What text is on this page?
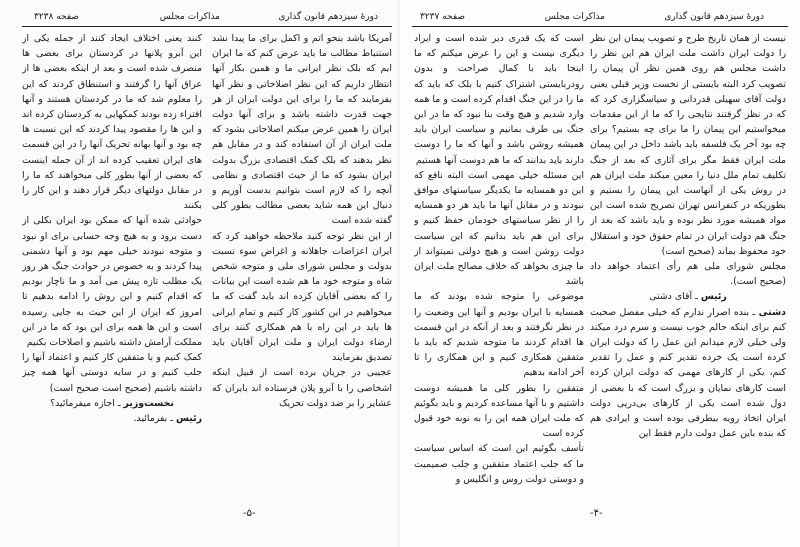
دورهٔ سیزدهم قانون گذاری
مذاکرات مجلس
صفحه ۳۲۳۸

آمریکا باشد بنحو اتم و اکمل برای ما پیدا نشد استنباط مطالب ما باید عرض کنم که ما ایران ایم که بلک نظر ایرانی ما و همین بکار آنها انتظار داریم که این نظر اصلاحاتی و نظر آنها بفرمایند که ما را برای این دولت ایران از هر جهت قدرت داشته باشد و برای آنها دولت ایران را همین عرض میکنم اصلاحاتی بشود که ملت ایران از آن استفاده کند و در مقابل هم نظر بدهند که بلک کمک اقتصادی بزرگ بدولت ایران بشود که ما از حیث اقتصادی و نظامی آنچه را که لازم است بتوانیم بدست آوریم و دنبال این همه شاید بعضی مطالب بطور کلی گفته شده است

از این نظر توجه کنید ملاحظه خواهید کرد که ایران اعزاضات جاهلانه و اغراض سوء نسبت بدولت و مجلس شورای ملی و متوجه شخص شاه و متوجه خود ما هم شده است این بیانات را که بعضی آقایان کرده اند باید گفت که ما میخواهیم در این کشور کار کنیم و تمام ایرانی ها باید در این راه با هم همکاری کنند برای ارضاء دولت ایران و ملت ایران آقایان باید تصدیق بفرمایند

عجیبی در جریان برده است از قبیل اینکه اشخاصی را با آبرو پلان فرستاده اند بایران که عشایر را بر ضد دولت تحریک

کنند یعنی اختلاف ایجاد کنند از جمله یکی از این آبرو پلانها در کردستان برای بعضی ها منصرف شده است و بعد از اینکه بعضی ها از عراق آنها را گرفتند و استنطاق کردند که این را معلوم شد که ما در کردستان هستند و آنها افتراء زده بودند کمکهایی به کردستان کرده اند و این ها را مقصود پیدا کردند که این نسبت ها چه بود و آنها بهانه تحریک آنها را در این قسمت های ایران تعقیب کرده اند از آن جمله اینست که بعضی از آنها بطور کلی میخواهند که ما را در مقابل دولتهای دیگر قرار دهند و این کار را بکنند

حوادثی شده آنها که ممکن بود ایران بکلی از دست برود و به هیچ وجه حسابی برای او نبود و متوجه نبودند خیلی مهم بود و آنها دشمنی پیدا کردند و به خصوص در حوادث جنگ هر روز یک مطلب تازه پیش می آمد و ما ناچار بودیم که اقدام کنیم و این روش را ادامه بدهیم تا امروز که ایران از این حیث به جایی رسیده است و این ها همه برای این بود که ما در این مملکت آرامش داشته باشیم و اصلاحات بکنیم

کمک کنیم و با متفقین کار کنیم و اعتماد آنها را جلب کنیم و در سایه دوستی آنها همه چیز داشته باشیم (صحیح است صحیح است)

نخست‌وزیر ـ اجازه میفرمائید؟

رئیس ـ بفرمائید.

-۵-
دورهٔ سیزدهم قانون گذاری
مذاکرات مجلس
صفحه ۳۲۳۷

نیست از همان تاریخ طرح و تصویب پیمان این نظر را دولت ایران داشت ملت ایران هم این نظر را داشت مجلس هم روی همین نظر آن پیمان را تصویب کرد البته بایستی از نخست وزیر قبلی یعنی دولت آقای سهیلی قدردانی و سپاسگزاری کرد که که در نظر گرفتند نتایجی را که ما از این مقدمات میخواستیم این پیمان را ما برای چه بستیم؟ برای چه بود آخر یک فلسفه باید باشد داخل در این پیمان ملت ایران فقط مگر برای آثاری که بعد از جنگ تکلیف تمام ملل دنیا را معین میکند ملت ایران هم در روش یکی از آنهاست این پیمان را بستیم و بطوریکه در کنفرانس تهران تصریح شده است این مواد همیشه مورد نظر بوده و باید باشد که بعد از جنگ هم دولت ایران در تمام حقوق خود و استقلال خود محفوظ بماند (صحیح است)

مجلس شورای ملی هم رأی اعتماد خواهد داد (صحیح است).

رئیس ـ آقای دشتی

دشتی ـ بنده اصرار ندارم که خیلی مفصل صحبت کنم برای اینکه حالم خوب نیست و سرم درد میکند ولی خیلی لازم میدانم این عمل را که دولت ایران کرده است یک خرده تقدیر کنم و عمل را تقدیر کنم، یکی از کارهای مهمی که دولت ایران کرده است کارهای نمایان و بزرگ است که با بعضی از دول شده است یکی از کارهای بی‌درپی دولت ایران اتخاذ رویه بیطرفی بوده است و ایرادی هم که بنده باین عمل دولت دارم فقط این

است که یک قدری دیر شده است و ایراد دیگری نیست و این را عرض میکنم که ما اینجا باید با کمال صراحت و بدون رودربایستی اشتراک کنیم با بلک که باید که ما را در این جنگ اقدام کرده است و ما همه وارد شدیم و هیچ وقت بنا نبود که ما در این جنگ بی طرف بمانیم و سیاست ایران باید همیشه روشن باشد و آنها که ما را دوست دارند باید بدانند که ما هم دوست آنها هستیم

این مسئله خیلی مهمی است البته نافع که این دو همسایه ما یکدیگر سیاستهای موافق نبودند و در مقابل آنها ما باید هر دو همسایه را از نظر سیاستهای خودمان حفظ کنیم و برای این هم باید بدانیم که این سیاست دولت روشن است و هیچ دولتی نمیتواند از ما چیزی بخواهد که خلاف مصالح ملت ایران باشد

موضوعی را متوجه شده بودند که ما همسایه با ایران بودیم و آنها این وضعیت را در نظر نگرفتند و بعد از آنکه در این قسمت ها اقدام کردند ما متوجه شدیم که باید با متفقین همکاری کنیم و این همکاری را تا آخر ادامه بدهیم

متفقین را بطور کلی ما همیشه دوست داشتیم و با آنها مساعده کردیم و باید بگوئیم که ملت ایران همه این را به نوبه خود قبول کرده است

تأسف بگوئیم این است که اساس سیاست ما که جلب اعتماد متفقین و جلب صمیمیت و دوستی دولت روس و انگلیس و

-۴-
